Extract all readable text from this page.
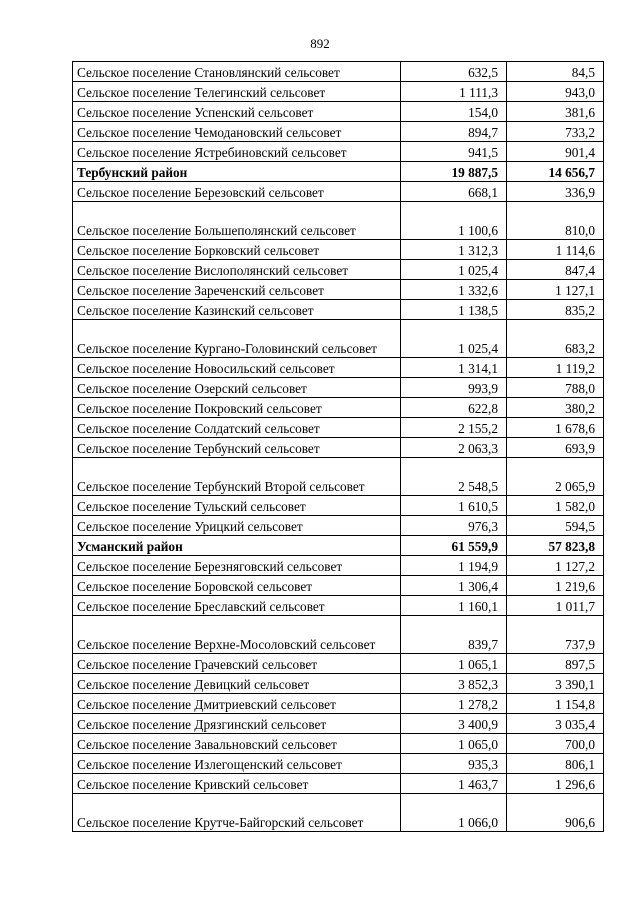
892
Сельское поселение Становлянский сельсовет	632,5	84,5
Сельское поселение Телегинский сельсовет	1 111,3	943,0
Сельское поселение Успенский сельсовет	154,0	381,6
Сельское поселение Чемодановский сельсовет	894,7	733,2
Сельское поселение Ястребиновский сельсовет	941,5	901,4
Тербунский район	19 887,5	14 656,7
Сельское поселение Березовский сельсовет	668,1	336,9
Сельское поселение Большеполянский сельсовет	1 100,6	810,0
Сельское поселение Борковский сельсовет	1 312,3	1 114,6
Сельское поселение Вислополянский сельсовет	1 025,4	847,4
Сельское поселение Зареченский сельсовет	1 332,6	1 127,1
Сельское поселение Казинский сельсовет	1 138,5	835,2
Сельское поселение Кургано-Головинский сельсовет	1 025,4	683,2
Сельское поселение Новосильский сельсовет	1 314,1	1 119,2
Сельское поселение Озерский сельсовет	993,9	788,0
Сельское поселение Покровский сельсовет	622,8	380,2
Сельское поселение Солдатский сельсовет	2 155,2	1 678,6
Сельское поселение Тербунский сельсовет	2 063,3	693,9
Сельское поселение Тербунский Второй сельсовет	2 548,5	2 065,9
Сельское поселение Тульский сельсовет	1 610,5	1 582,0
Сельское поселение Урицкий сельсовет	976,3	594,5
Усманский район	61 559,9	57 823,8
Сельское поселение Березняговский сельсовет	1 194,9	1 127,2
Сельское поселение Боровской сельсовет	1 306,4	1 219,6
Сельское поселение Бреславский сельсовет	1 160,1	1 011,7
Сельское поселение Верхне-Мосоловский сельсовет	839,7	737,9
Сельское поселение Грачевский сельсовет	1 065,1	897,5
Сельское поселение Девицкий сельсовет	3 852,3	3 390,1
Сельское поселение Дмитриевский сельсовет	1 278,2	1 154,8
Сельское поселение Дрязгинский сельсовет	3 400,9	3 035,4
Сельское поселение Завальновский сельсовет	1 065,0	700,0
Сельское поселение Излегощенский сельсовет	935,3	806,1
Сельское поселение Кривский сельсовет	1 463,7	1 296,6
Сельское поселение Крутче-Байгорский сельсовет	1 066,0	906,6
